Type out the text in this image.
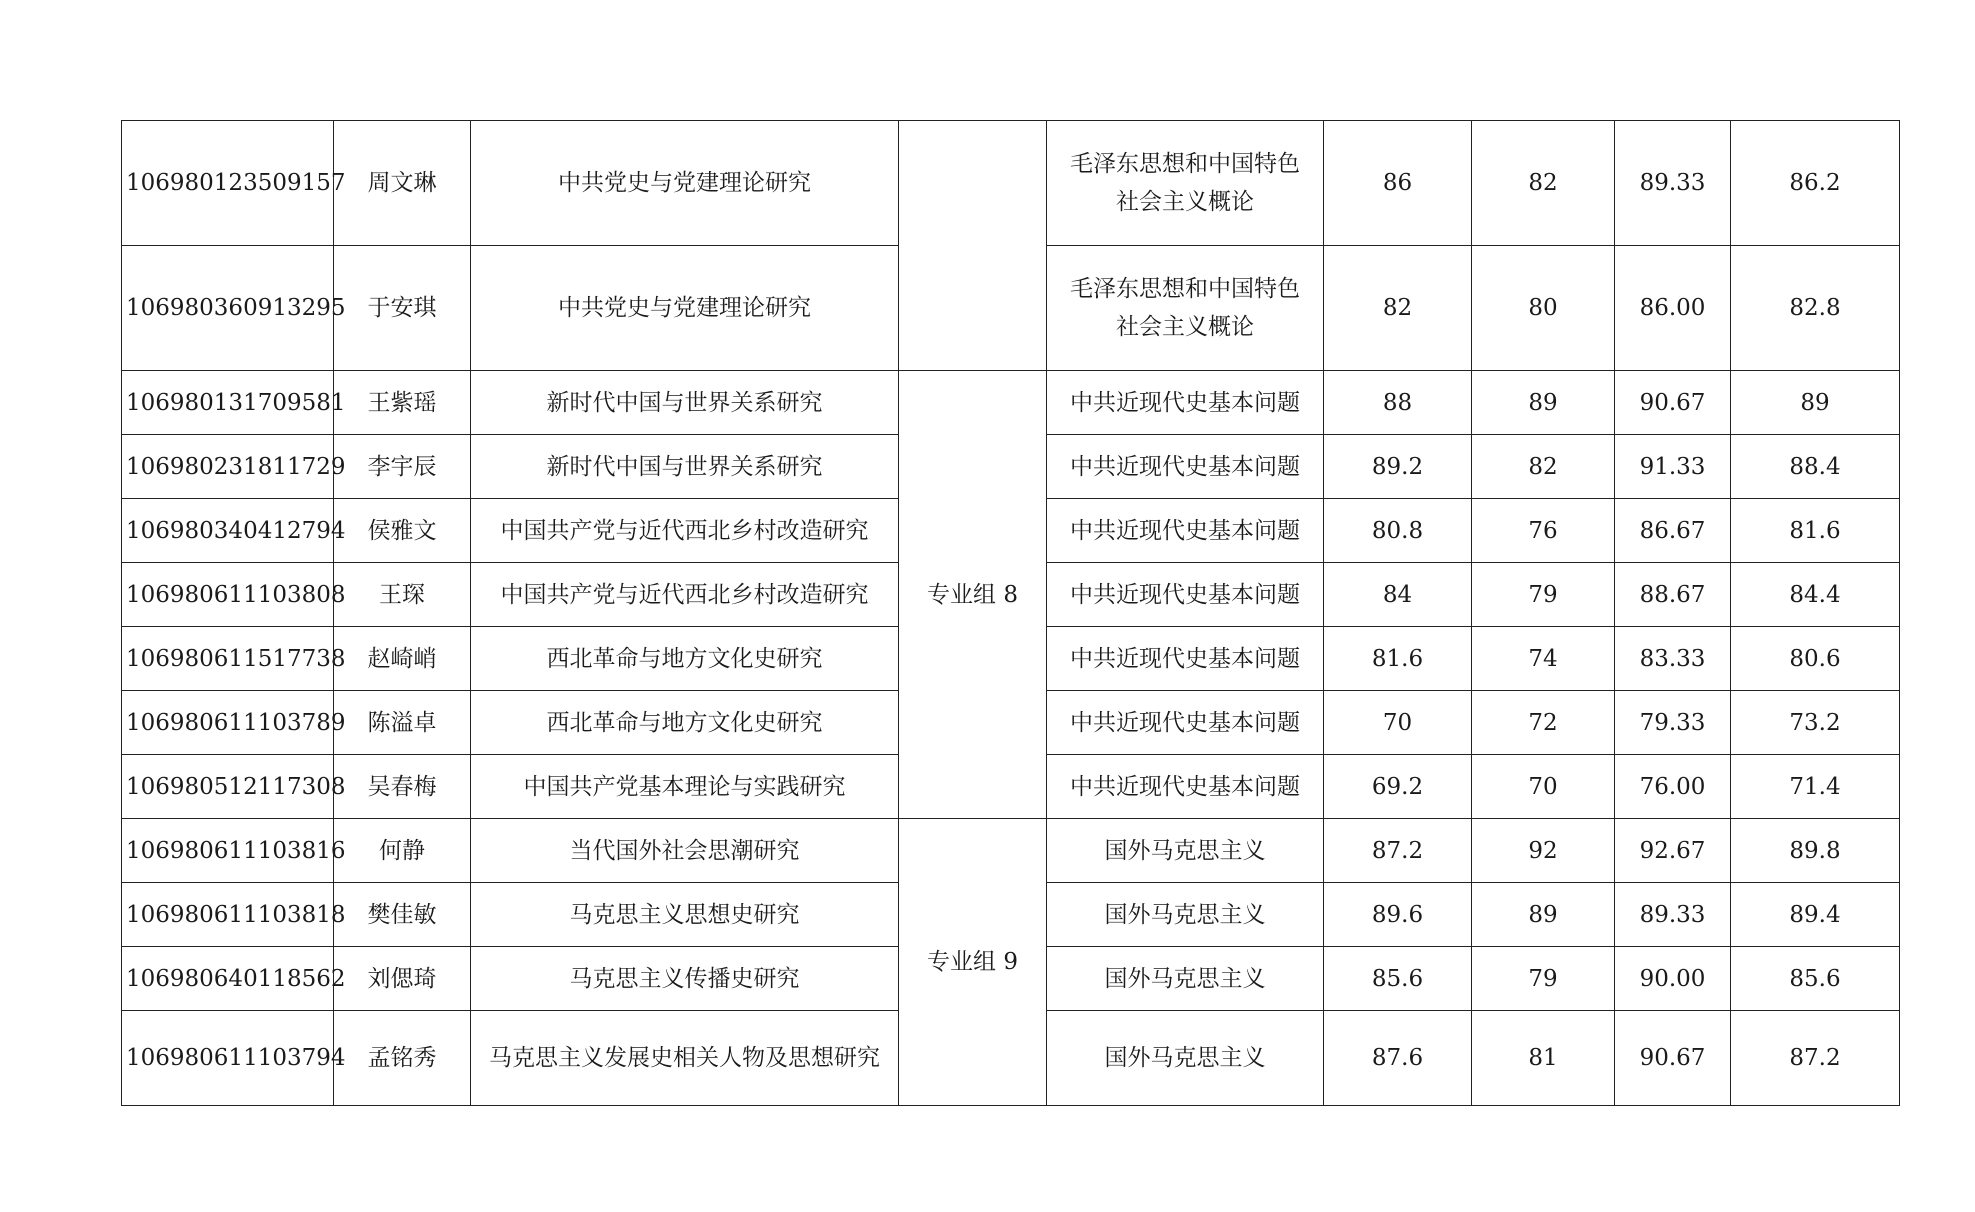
106980123509157	周文琳	中共党史与党建理论研究		毛泽东思想和中国特色社会主义概论	86	82	89.33	86.2
106980360913295	于安琪	中共党史与党建理论研究		毛泽东思想和中国特色社会主义概论	82	80	86.00	82.8
106980131709581	王紫瑶	新时代中国与世界关系研究	专业组 8	中共近现代史基本问题	88	89	90.67	89
106980231811729	李宇辰	新时代中国与世界关系研究		中共近现代史基本问题	89.2	82	91.33	88.4
106980340412794	侯雅文	中国共产党与近代西北乡村改造研究		中共近现代史基本问题	80.8	76	86.67	81.6
106980611103808	王琛	中国共产党与近代西北乡村改造研究		中共近现代史基本问题	84	79	88.67	84.4
106980611517738	赵崎峭	西北革命与地方文化史研究		中共近现代史基本问题	81.6	74	83.33	80.6
106980611103789	陈溢卓	西北革命与地方文化史研究		中共近现代史基本问题	70	72	79.33	73.2
106980512117308	吴春梅	中国共产党基本理论与实践研究		中共近现代史基本问题	69.2	70	76.00	71.4
106980611103816	何静	当代国外社会思潮研究	专业组 9	国外马克思主义	87.2	92	92.67	89.8
106980611103818	樊佳敏	马克思主义思想史研究		国外马克思主义	89.6	89	89.33	89.4
106980640118562	刘偲琦	马克思主义传播史研究		国外马克思主义	85.6	79	90.00	85.6
106980611103794	孟铭秀	马克思主义发展史相关人物及思想研究		国外马克思主义	87.6	81	90.67	87.2
